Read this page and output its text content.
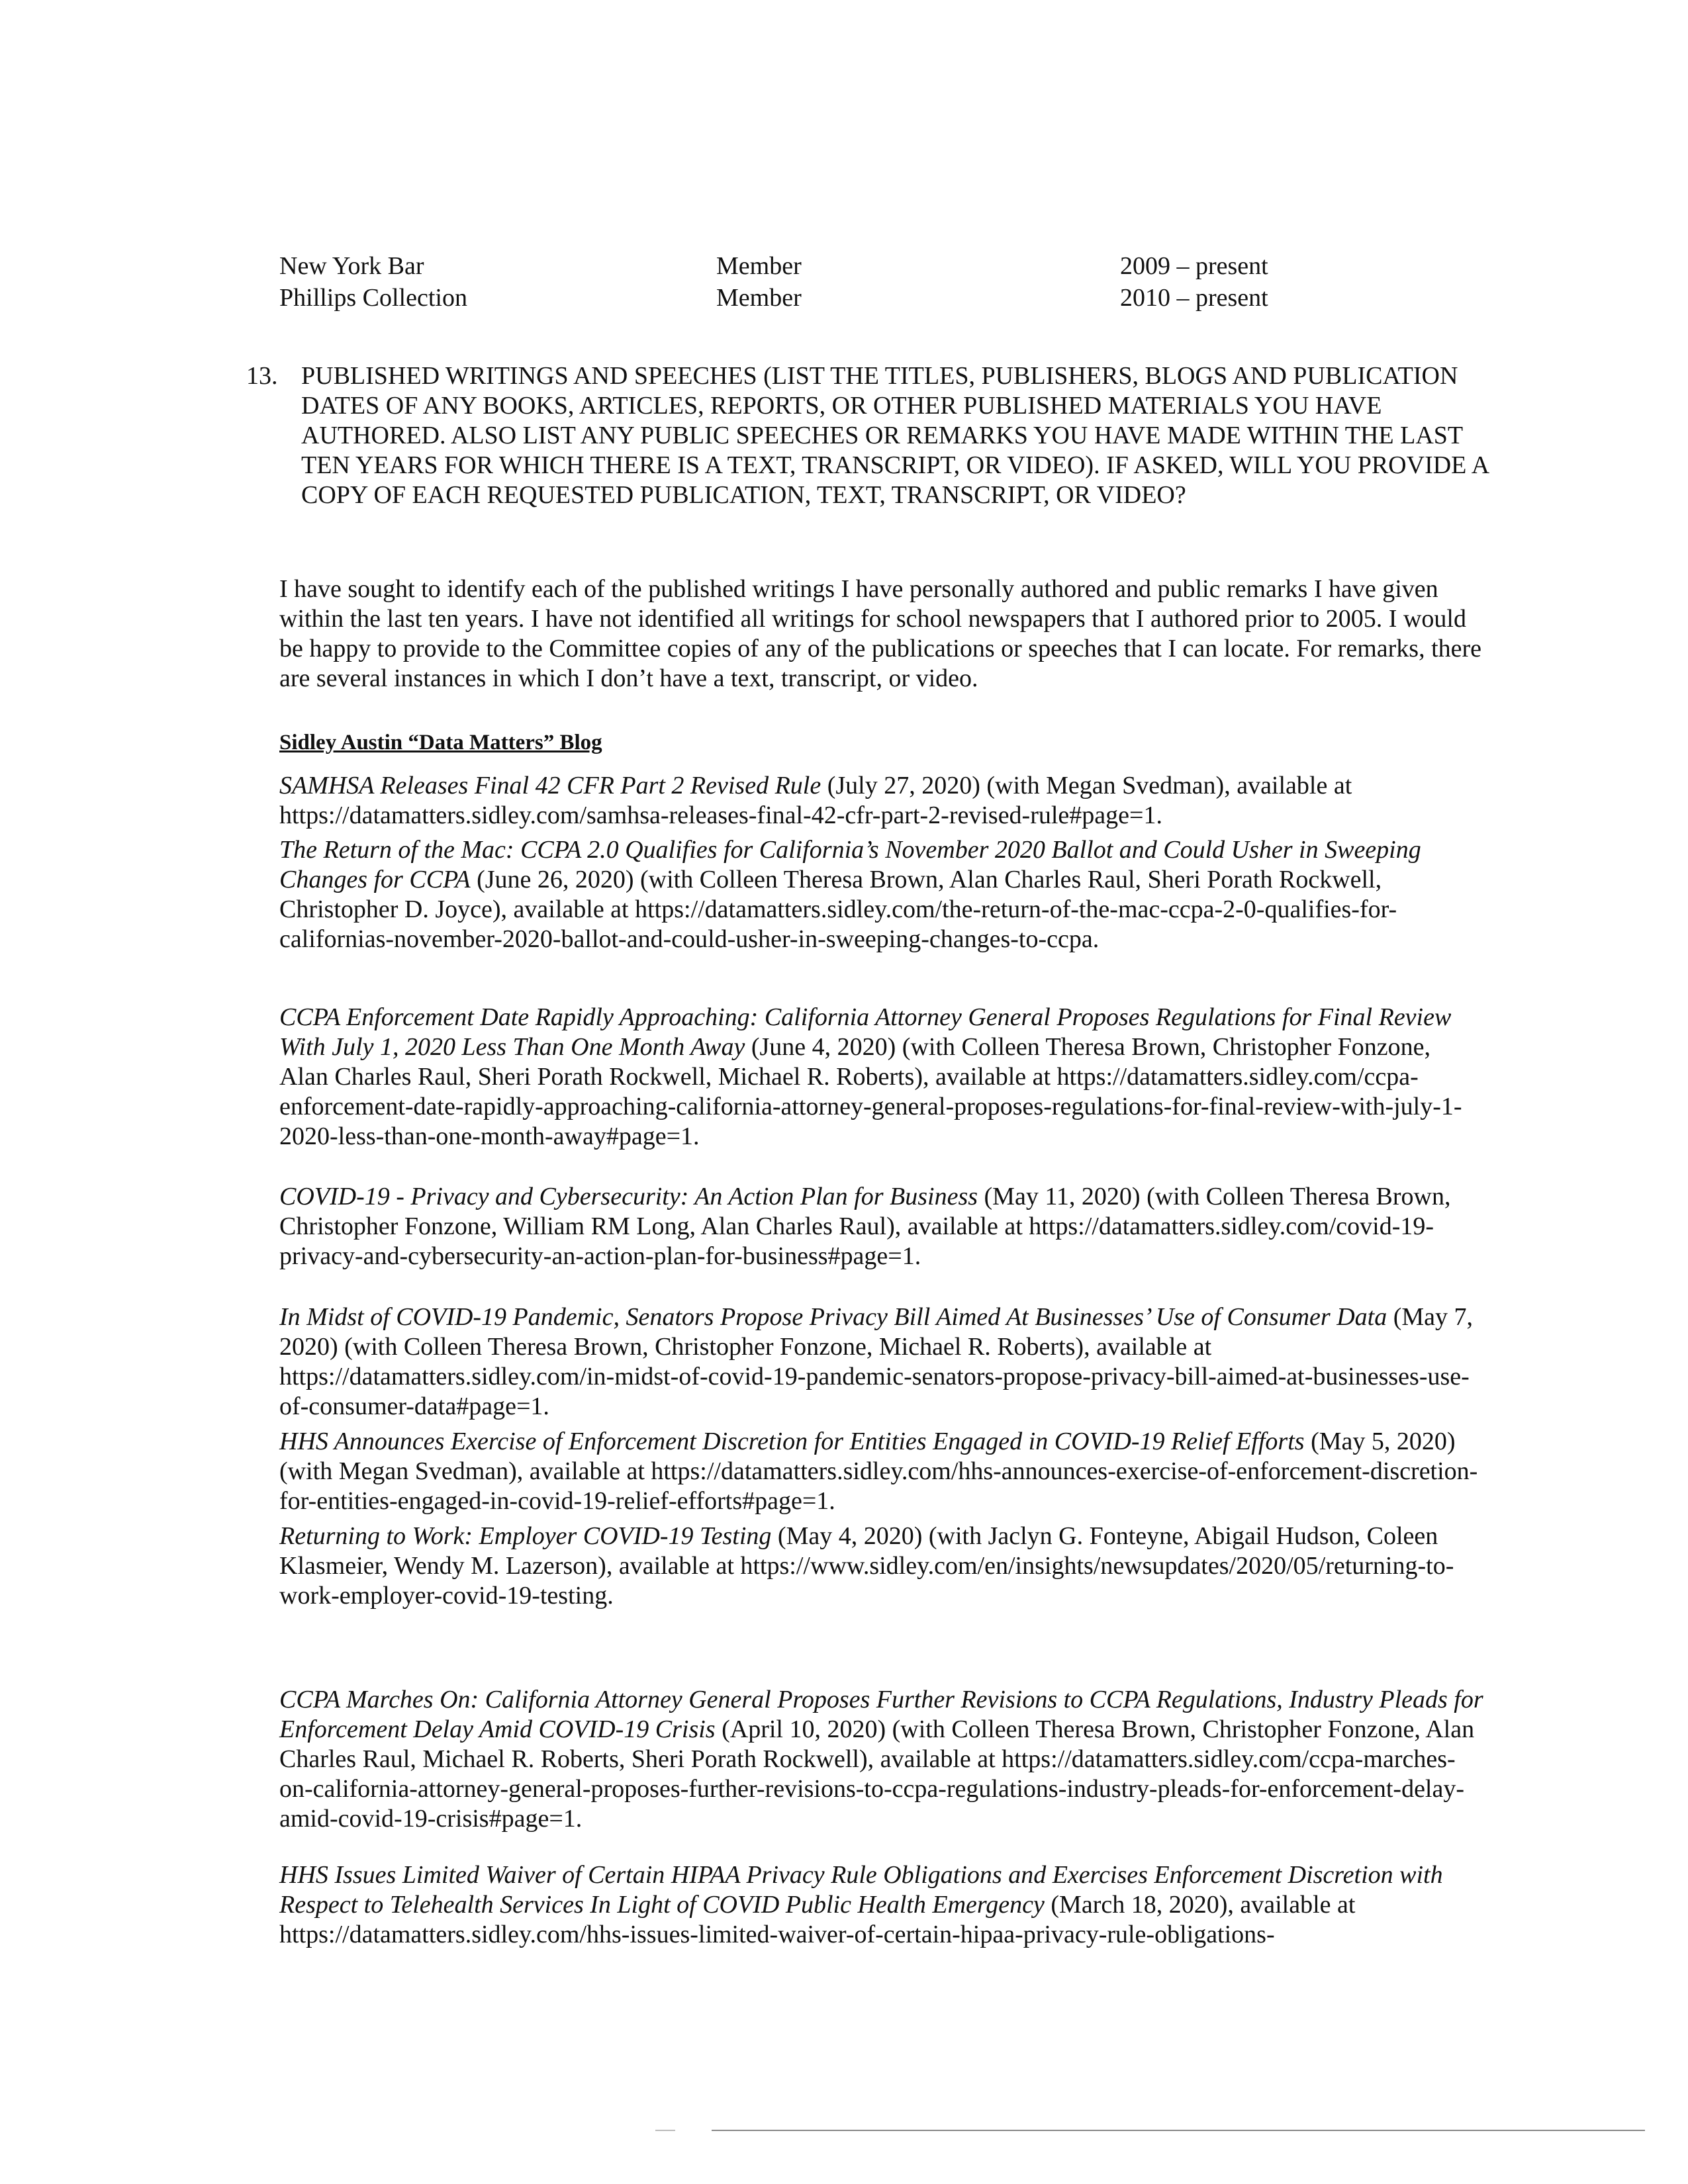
New York Bar	Member	2009 – present
Phillips Collection	Member	2010 – present
13. PUBLISHED WRITINGS AND SPEECHES (LIST THE TITLES, PUBLISHERS, BLOGS AND PUBLICATION DATES OF ANY BOOKS, ARTICLES, REPORTS, OR OTHER PUBLISHED MATERIALS YOU HAVE AUTHORED. ALSO LIST ANY PUBLIC SPEECHES OR REMARKS YOU HAVE MADE WITHIN THE LAST TEN YEARS FOR WHICH THERE IS A TEXT, TRANSCRIPT, OR VIDEO). IF ASKED, WILL YOU PROVIDE A COPY OF EACH REQUESTED PUBLICATION, TEXT, TRANSCRIPT, OR VIDEO?
I have sought to identify each of the published writings I have personally authored and public remarks I have given within the last ten years. I have not identified all writings for school newspapers that I authored prior to 2005. I would be happy to provide to the Committee copies of any of the publications or speeches that I can locate. For remarks, there are several instances in which I don’t have a text, transcript, or video.
Sidley Austin “Data Matters” Blog
SAMHSA Releases Final 42 CFR Part 2 Revised Rule (July 27, 2020) (with Megan Svedman), available at https://datamatters.sidley.com/samhsa-releases-final-42-cfr-part-2-revised-rule#page=1.
The Return of the Mac: CCPA 2.0 Qualifies for California’s November 2020 Ballot and Could Usher in Sweeping Changes for CCPA (June 26, 2020) (with Colleen Theresa Brown, Alan Charles Raul, Sheri Porath Rockwell, Christopher D. Joyce), available at https://datamatters.sidley.com/the-return-of-the-mac-ccpa-2-0-qualifies-for-californias-november-2020-ballot-and-could-usher-in-sweeping-changes-to-ccpa.
CCPA Enforcement Date Rapidly Approaching: California Attorney General Proposes Regulations for Final Review With July 1, 2020 Less Than One Month Away (June 4, 2020) (with Colleen Theresa Brown, Christopher Fonzone, Alan Charles Raul, Sheri Porath Rockwell, Michael R. Roberts), available at https://datamatters.sidley.com/ccpa-enforcement-date-rapidly-approaching-california-attorney-general-proposes-regulations-for-final-review-with-july-1-2020-less-than-one-month-away#page=1.
COVID-19 - Privacy and Cybersecurity: An Action Plan for Business (May 11, 2020) (with Colleen Theresa Brown, Christopher Fonzone, William RM Long, Alan Charles Raul), available at https://datamatters.sidley.com/covid-19-privacy-and-cybersecurity-an-action-plan-for-business#page=1.
In Midst of COVID-19 Pandemic, Senators Propose Privacy Bill Aimed At Businesses’ Use of Consumer Data (May 7, 2020) (with Colleen Theresa Brown, Christopher Fonzone, Michael R. Roberts), available at https://datamatters.sidley.com/in-midst-of-covid-19-pandemic-senators-propose-privacy-bill-aimed-at-businesses-use-of-consumer-data#page=1.
HHS Announces Exercise of Enforcement Discretion for Entities Engaged in COVID-19 Relief Efforts (May 5, 2020) (with Megan Svedman), available at https://datamatters.sidley.com/hhs-announces-exercise-of-enforcement-discretion-for-entities-engaged-in-covid-19-relief-efforts#page=1.
Returning to Work: Employer COVID-19 Testing (May 4, 2020) (with Jaclyn G. Fonteyne, Abigail Hudson, Coleen Klasmeier, Wendy M. Lazerson), available at https://www.sidley.com/en/insights/newsupdates/2020/05/returning-to-work-employer-covid-19-testing.
CCPA Marches On: California Attorney General Proposes Further Revisions to CCPA Regulations, Industry Pleads for Enforcement Delay Amid COVID-19 Crisis (April 10, 2020) (with Colleen Theresa Brown, Christopher Fonzone, Alan Charles Raul, Michael R. Roberts, Sheri Porath Rockwell), available at https://datamatters.sidley.com/ccpa-marches-on-california-attorney-general-proposes-further-revisions-to-ccpa-regulations-industry-pleads-for-enforcement-delay-amid-covid-19-crisis#page=1.
HHS Issues Limited Waiver of Certain HIPAA Privacy Rule Obligations and Exercises Enforcement Discretion with Respect to Telehealth Services In Light of COVID Public Health Emergency (March 18, 2020), available at https://datamatters.sidley.com/hhs-issues-limited-waiver-of-certain-hipaa-privacy-rule-obligations-
